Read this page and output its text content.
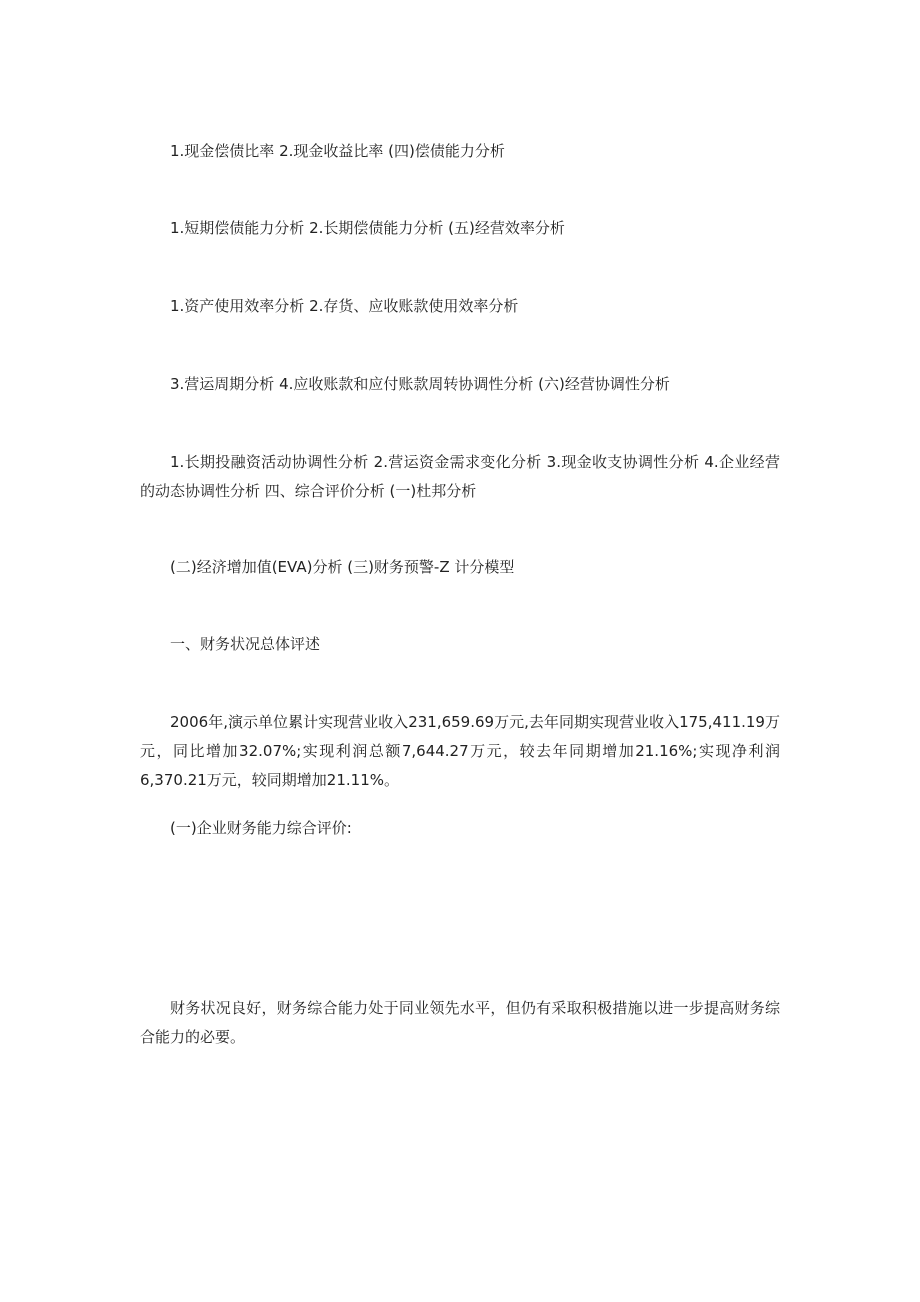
1.现金偿债比率 2.现金收益比率 (四)偿债能力分析

1.短期偿债能力分析 2.长期偿债能力分析 (五)经营效率分析

1.资产使用效率分析 2.存货、应收账款使用效率分析

3.营运周期分析 4.应收账款和应付账款周转协调性分析 (六)经营协调性分析

1.长期投融资活动协调性分析 2.营运资金需求变化分析 3.现金收支协调性分析 4.企业经营的动态协调性分析 四、综合评价分析 (一)杜邦分析

(二)经济增加值(EVA)分析 (三)财务预警-Z 计分模型

一、财务状况总体评述

2006年,演示单位累计实现营业收入231,659.69万元,去年同期实现营业收入175,411.19万元，同比增加32.07%;实现利润总额7,644.27万元，较去年同期增加21.16%;实现净利润6,370.21万元，较同期增加21.11%。

(一)企业财务能力综合评价:

财务状况良好，财务综合能力处于同业领先水平，但仍有采取积极措施以进一步提高财务综合能力的必要。
